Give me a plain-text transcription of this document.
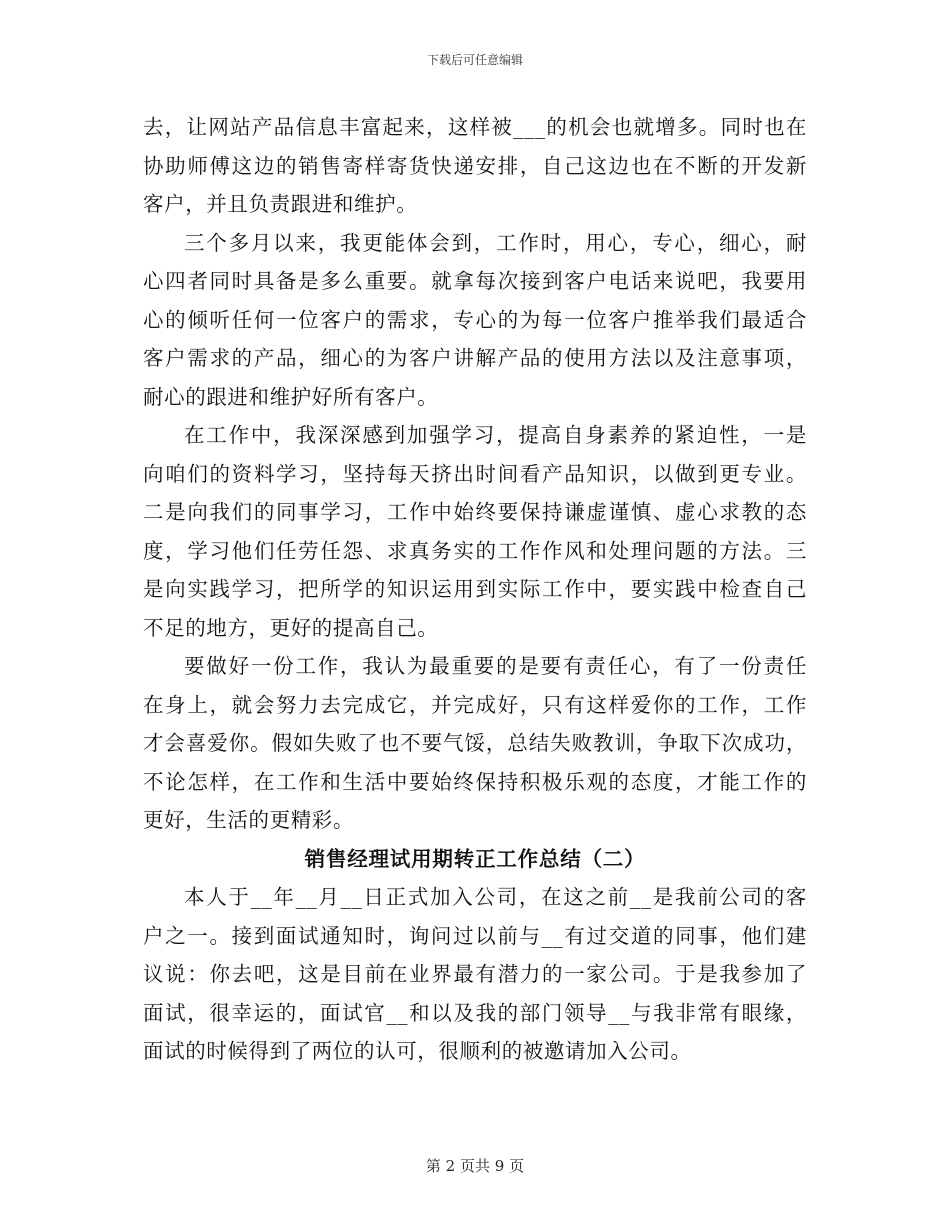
下载后可任意编辑
去，让网站产品信息丰富起来，这样被___的机会也就增多。同时也在
协助师傅这边的销售寄样寄货快递安排，自己这边也在不断的开发新
客户，并且负责跟进和维护。
三个多月以来，我更能体会到，工作时，用心，专心，细心，耐
心四者同时具备是多么重要。就拿每次接到客户电话来说吧，我要用
心的倾听任何一位客户的需求，专心的为每一位客户推举我们最适合
客户需求的产品，细心的为客户讲解产品的使用方法以及注意事项，
耐心的跟进和维护好所有客户。
在工作中，我深深感到加强学习，提高自身素养的紧迫性，一是
向咱们的资料学习，坚持每天挤出时间看产品知识，以做到更专业。
二是向我们的同事学习，工作中始终要保持谦虚谨慎、虚心求教的态
度，学习他们任劳任怨、求真务实的工作作风和处理问题的方法。三
是向实践学习，把所学的知识运用到实际工作中，要实践中检查自己
不足的地方，更好的提高自己。
要做好一份工作，我认为最重要的是要有责任心，有了一份责任
在身上，就会努力去完成它，并完成好，只有这样爱你的工作，工作
才会喜爱你。假如失败了也不要气馁，总结失败教训，争取下次成功，
不论怎样，在工作和生活中要始终保持积极乐观的态度，才能工作的
更好，生活的更精彩。
销售经理试用期转正工作总结（二）
本人于__年__月__日正式加入公司，在这之前__是我前公司的客
户之一。接到面试通知时，询问过以前与__有过交道的同事，他们建
议说：你去吧，这是目前在业界最有潜力的一家公司。于是我参加了
面试，很幸运的，面试官__和以及我的部门领导__与我非常有眼缘，
面试的时候得到了两位的认可，很顺利的被邀请加入公司。
第 2 页共 9 页
